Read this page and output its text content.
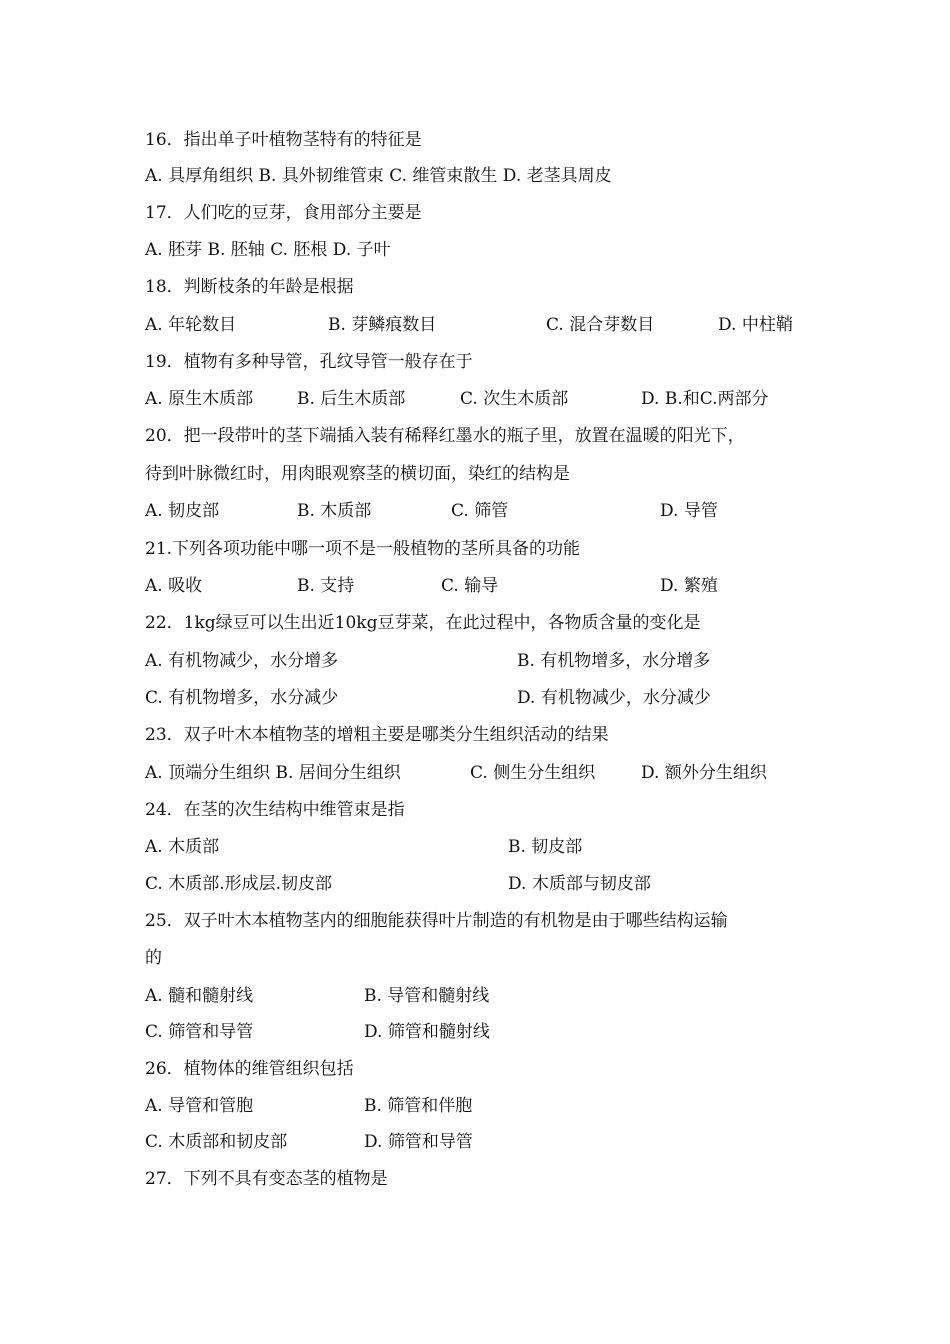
16．指出单子叶植物茎特有的特征是
A. 具厚角组织 B. 具外韧维管束 C. 维管束散生 D. 老茎具周皮
17．人们吃的豆芽，食用部分主要是
A. 胚芽 B. 胚轴 C. 胚根 D. 子叶
18．判断枝条的年龄是根据
A. 年轮数目	B. 芽鳞痕数目	C. 混合芽数目	D. 中柱鞘
19．植物有多种导管，孔纹导管一般存在于
A. 原生木质部	B. 后生木质部	C. 次生木质部	D. B.和C.两部分
20．把一段带叶的茎下端插入装有稀释红墨水的瓶子里，放置在温暖的阳光下，
待到叶脉微红时，用肉眼观察茎的横切面，染红的结构是
A. 韧皮部	B. 木质部	C. 筛管	D. 导管
21.下列各项功能中哪一项不是一般植物的茎所具备的功能
A. 吸收	B. 支持	C. 输导	D. 繁殖
22．1kg绿豆可以生出近10kg豆芽菜，在此过程中，各物质含量的变化是
A. 有机物减少，水分增多	B. 有机物增多，水分增多
C. 有机物增多，水分减少	D. 有机物减少，水分减少
23．双子叶木本植物茎的增粗主要是哪类分生组织活动的结果
A. 顶端分生组织 B. 居间分生组织	C. 侧生分生组织	D. 额外分生组织
24．在茎的次生结构中维管束是指
A. 木质部	B. 韧皮部
C. 木质部.形成层.韧皮部	D. 木质部与韧皮部
25．双子叶木本植物茎内的细胞能获得叶片制造的有机物是由于哪些结构运输
的
A. 髓和髓射线	B. 导管和髓射线
C. 筛管和导管	D. 筛管和髓射线
26．植物体的维管组织包括
A. 导管和管胞	B. 筛管和伴胞
C. 木质部和韧皮部	D. 筛管和导管
27．下列不具有变态茎的植物是
